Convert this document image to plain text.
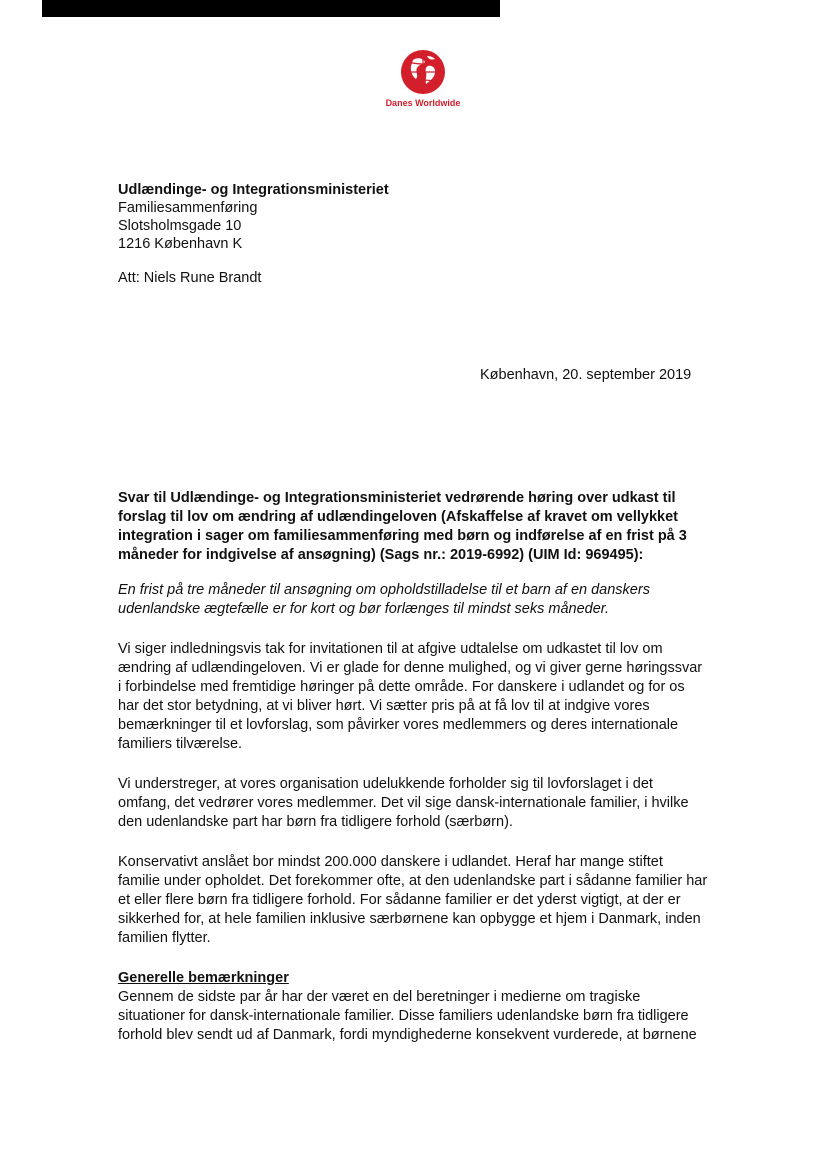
Danes Worldwide
Udlændinge- og Integrationsministeriet
Familiesammenføring
Slotsholmsgade 10
1216 København K
Att: Niels Rune Brandt
København, 20. september 2019

Svar til Udlændinge- og Integrationsministeriet vedrørende høring over udkast til forslag til lov om ændring af udlændingeloven (Afskaffelse af kravet om vellykket integration i sager om familiesammenføring med børn og indførelse af en frist på 3 måneder for indgivelse af ansøgning) (Sags nr.: 2019-6992) (UIM Id: 969495):

En frist på tre måneder til ansøgning om opholdstilladelse til et barn af en danskers udenlandske ægtefælle er for kort og bør forlænges til mindst seks måneder.

Vi siger indledningsvis tak for invitationen til at afgive udtalelse om udkastet til lov om ændring af udlændingeloven. Vi er glade for denne mulighed, og vi giver gerne høringssvar i forbindelse med fremtidige høringer på dette område. For danskere i udlandet og for os har det stor betydning, at vi bliver hørt. Vi sætter pris på at få lov til at indgive vores bemærkninger til et lovforslag, som påvirker vores medlemmers og deres internationale familiers tilværelse.

Vi understreger, at vores organisation udelukkende forholder sig til lovforslaget i det omfang, det vedrører vores medlemmer. Det vil sige dansk-internationale familier, i hvilke den udenlandske part har børn fra tidligere forhold (særbørn).

Konservativt anslået bor mindst 200.000 danskere i udlandet. Heraf har mange stiftet familie under opholdet. Det forekommer ofte, at den udenlandske part i sådanne familier har et eller flere børn fra tidligere forhold. For sådanne familier er det yderst vigtigt, at der er sikkerhed for, at hele familien inklusive særbørnene kan opbygge et hjem i Danmark, inden familien flytter.

Generelle bemærkninger

Gennem de sidste par år har der været en del beretninger i medierne om tragiske situationer for dansk-internationale familier. Disse familiers udenlandske børn fra tidligere forhold blev sendt ud af Danmark, fordi myndighederne konsekvent vurderede, at børnene
